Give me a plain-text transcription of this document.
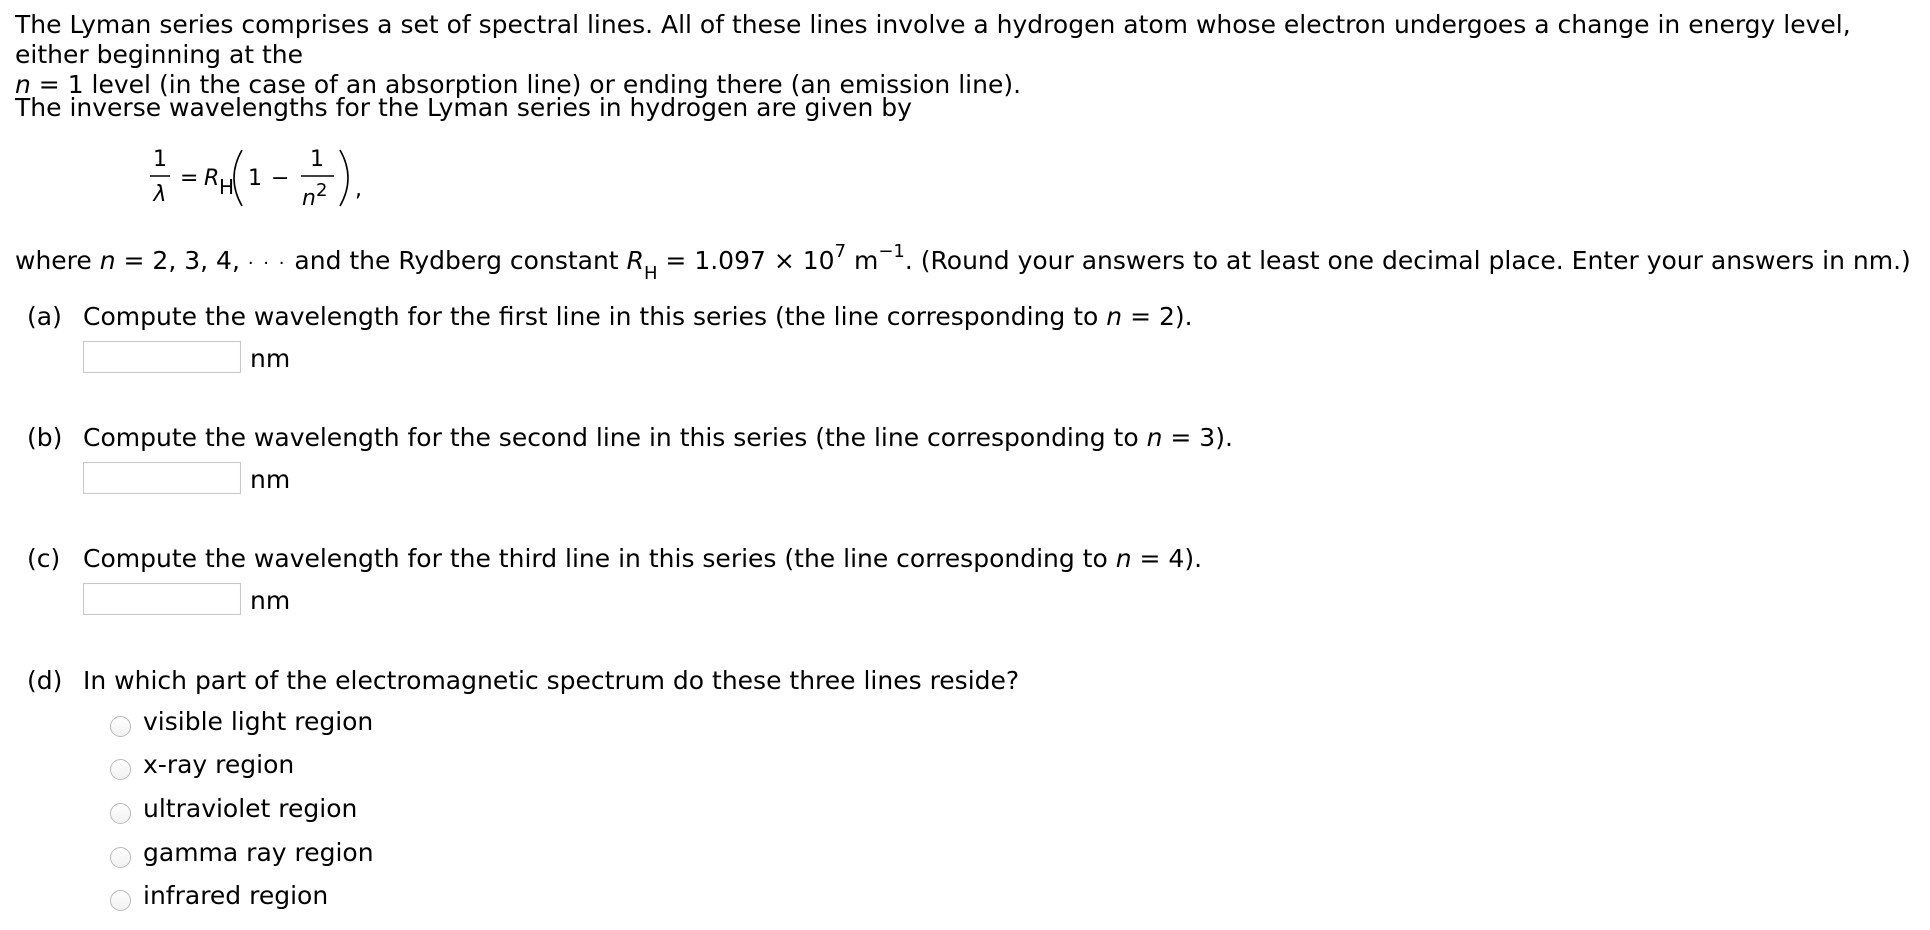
The Lyman series comprises a set of spectral lines. All of these lines involve a hydrogen atom whose electron undergoes a change in energy level, either beginning at the
n = 1 level (in the case of an absorption line) or ending there (an emission line).
The inverse wavelengths for the Lyman series in hydrogen are given by
1
λ
= R H 1 −
1
n 2 ,
where n = 2, 3, 4, · · · and the Rydberg constant $R_H = 1.097 \times 10^7$ $m^{-1}$. (Round your answers to at least one decimal place. Enter your answers in nm.)
(a) Compute the wavelength for the first line in this series (the line corresponding to n = 2).
nm
(b) Compute the wavelength for the second line in this series (the line corresponding to n = 3).
nm
(c) Compute the wavelength for the third line in this series (the line corresponding to n = 4).
nm
(d) In which part of the electromagnetic spectrum do these three lines reside?
visible light region
x-ray region
ultraviolet region
gamma ray region
infrared region
